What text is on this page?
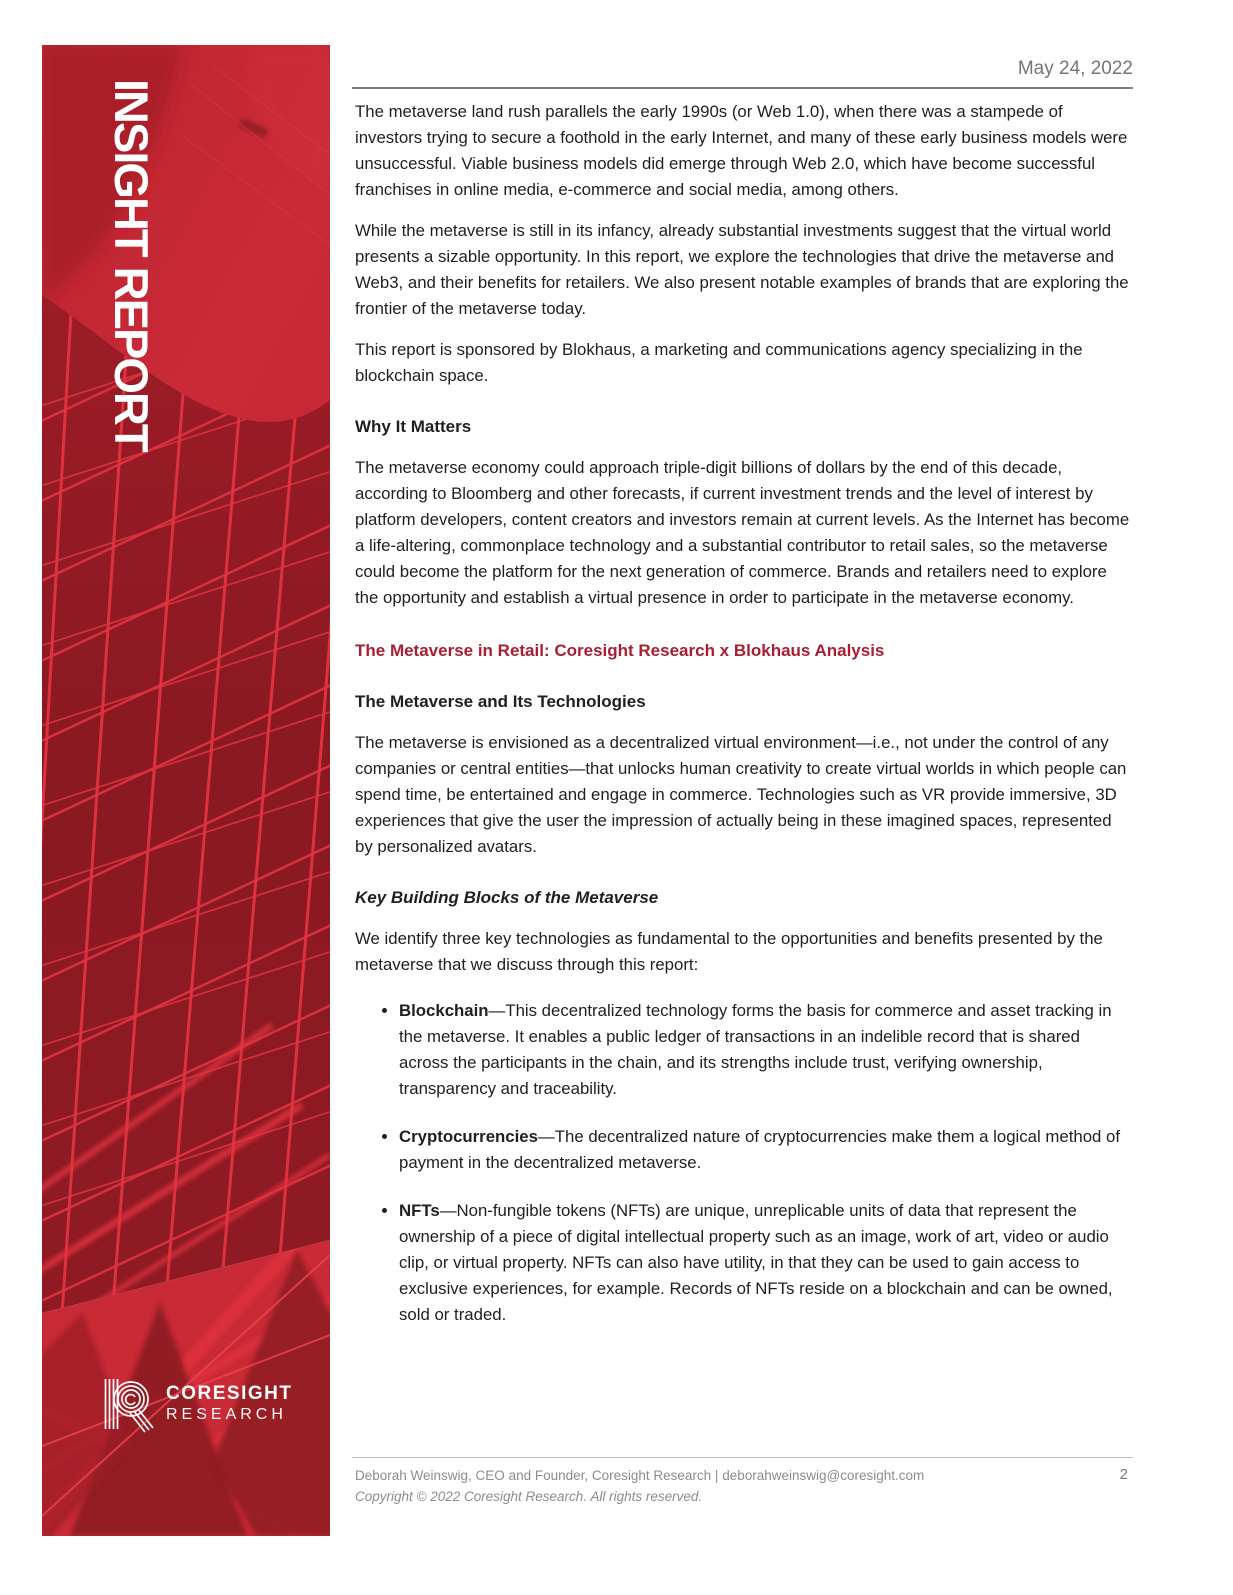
INSIGHT REPORT
CORESIGHT
RESEARCH
May 24, 2022

The metaverse land rush parallels the early 1990s (or Web 1.0), when there was a stampede of investors trying to secure a foothold in the early Internet, and many of these early business models were unsuccessful. Viable business models did emerge through Web 2.0, which have become successful franchises in online media, e-commerce and social media, among others.

While the metaverse is still in its infancy, already substantial investments suggest that the virtual world presents a sizable opportunity. In this report, we explore the technologies that drive the metaverse and Web3, and their benefits for retailers. We also present notable examples of brands that are exploring the frontier of the metaverse today.

This report is sponsored by Blokhaus, a marketing and communications agency specializing in the blockchain space.

Why It Matters

The metaverse economy could approach triple-digit billions of dollars by the end of this decade, according to Bloomberg and other forecasts, if current investment trends and the level of interest by platform developers, content creators and investors remain at current levels. As the Internet has become a life-altering, commonplace technology and a substantial contributor to retail sales, so the metaverse could become the platform for the next generation of commerce. Brands and retailers need to explore the opportunity and establish a virtual presence in order to participate in the metaverse economy.

The Metaverse in Retail: Coresight Research x Blokhaus Analysis
The Metaverse and Its Technologies

The metaverse is envisioned as a decentralized virtual environment—i.e., not under the control of any companies or central entities—that unlocks human creativity to create virtual worlds in which people can spend time, be entertained and engage in commerce. Technologies such as VR provide immersive, 3D experiences that give the user the impression of actually being in these imagined spaces, represented by personalized avatars.

Key Building Blocks of the Metaverse

We identify three key technologies as fundamental to the opportunities and benefits presented by the metaverse that we discuss through this report:

• Blockchain—This decentralized technology forms the basis for commerce and asset tracking in the metaverse. It enables a public ledger of transactions in an indelible record that is shared across the participants in the chain, and its strengths include trust, verifying ownership, transparency and traceability.
• Cryptocurrencies—The decentralized nature of cryptocurrencies make them a logical method of payment in the decentralized metaverse.
• NFTs—Non-fungible tokens (NFTs) are unique, unreplicable units of data that represent the ownership of a piece of digital intellectual property such as an image, work of art, video or audio clip, or virtual property. NFTs can also have utility, in that they can be used to gain access to exclusive experiences, for example. Records of NFTs reside on a blockchain and can be owned, sold or traded.
Deborah Weinswig, CEO and Founder, Coresight Research | deborahweinswig@coresight.com
Copyright © 2022 Coresight Research. All rights reserved.
2
